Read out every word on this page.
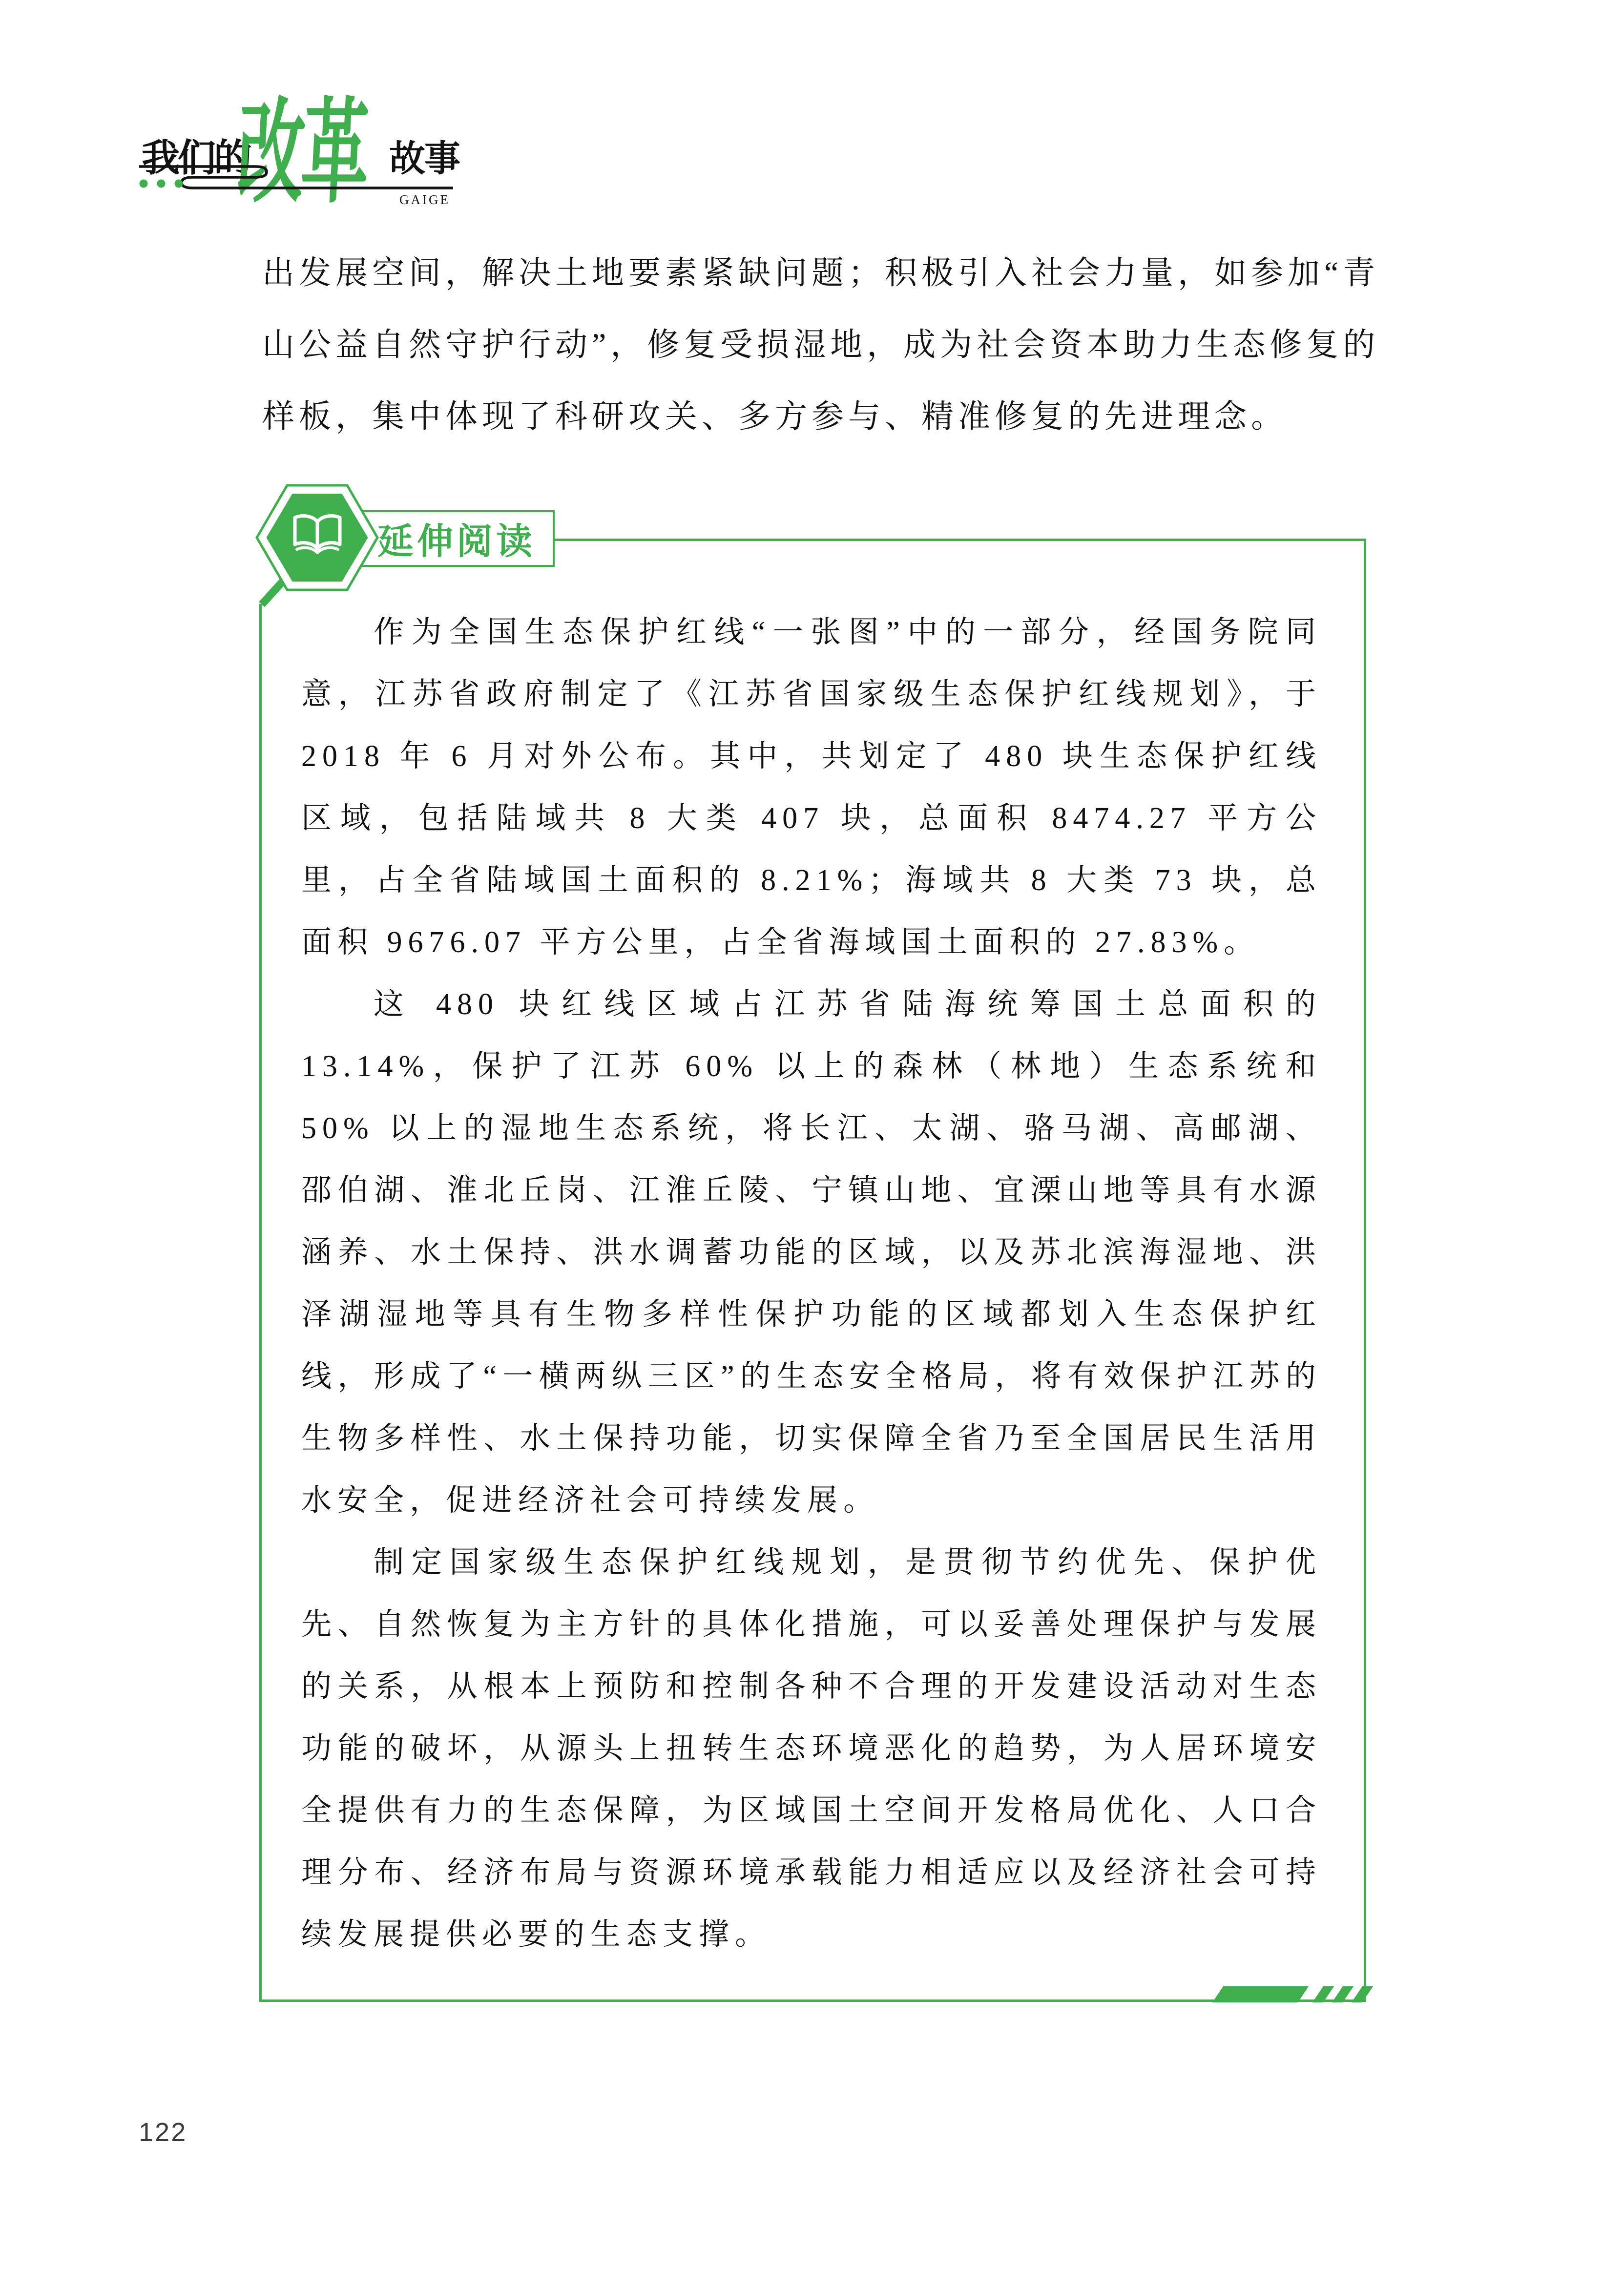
我们的
改革 故事
GAIGE
出发展空间，解决土地要素紧缺问题；积极引入社会力量，如参加“青
山公益自然守护行动”，修复受损湿地，成为社会资本助力生态修复的
样板，集中体现了科研攻关、多方参与、精准修复的先进理念。
延伸阅读

作为全国生态保护红线“一张图”中的一部分，经国务院同意，江苏省政府制定了《江苏省国家级生态保护红线规划》，于 2018 年 6 月对外公布。其中，共划定了 480 块生态保护红线区域，包括陆域共 8 大类 407 块，总面积 8474.27 平方公里，占全省陆域国土面积的 8.21%；海域共 8 大类 73 块，总面积 9676.07 平方公里，占全省海域国土面积的 27.83%。

这 480 块红线区域占江苏省陆海统筹国土总面积的 13.14%，保护了江苏 60% 以上的森林（林地）生态系统和 50% 以上的湿地生态系统，将长江、太湖、骆马湖、高邮湖、邵伯湖、淮北丘岗、江淮丘陵、宁镇山地、宜溧山地等具有水源涵养、水土保持、洪水调蓄功能的区域，以及苏北滨海湿地、洪泽湖湿地等具有生物多样性保护功能的区域都划入生态保护红线，形成了“一横两纵三区”的生态安全格局，将有效保护江苏的生物多样性、水土保持功能，切实保障全省乃至全国居民生活用水安全，促进经济社会可持续发展。

制定国家级生态保护红线规划，是贯彻节约优先、保护优先、自然恢复为主方针的具体化措施，可以妥善处理保护与发展的关系，从根本上预防和控制各种不合理的开发建设活动对生态功能的破坏，从源头上扭转生态环境恶化的趋势，为人居环境安全提供有力的生态保障，为区域国土空间开发格局优化、人口合理分布、经济布局与资源环境承载能力相适应以及经济社会可持续发展提供必要的生态支撑。

122
